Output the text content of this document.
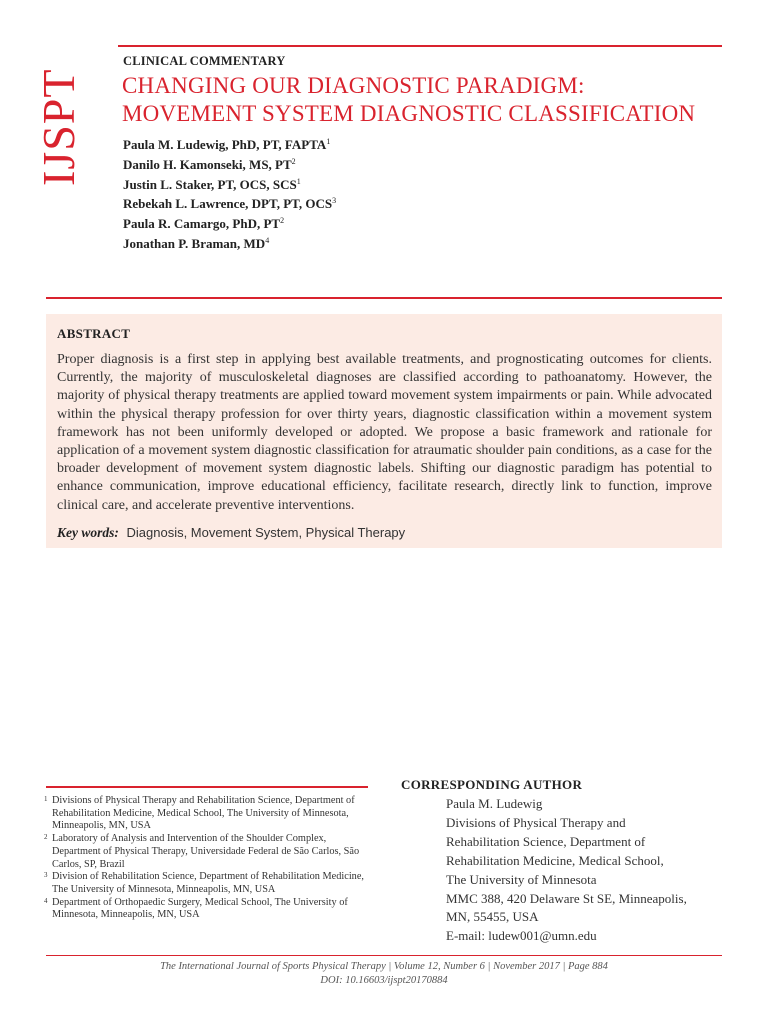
IJSPT
CLINICAL COMMENTARY
CHANGING OUR DIAGNOSTIC PARADIGM:
MOVEMENT SYSTEM DIAGNOSTIC CLASSIFICATION
Paula M. Ludewig, PhD, PT, FAPTA$^1$
Danilo H. Kamonseki, MS, $PT^2$
Justin L. Staker, PT, OCS, SCS$^1$
Rebekah L. Lawrence, DPT, PT, OCS$^3$
Paula R. Camargo, PhD, $PT^2$
Jonathan P. Braman, $MD^4$
ABSTRACT

Proper diagnosis is a first step in applying best available treatments, and prognosticating outcomes for clients. Currently, the majority of musculoskeletal diagnoses are classified according to pathoanatomy. However, the majority of physical therapy treatments are applied toward movement system impairments or pain. While advocated within the physical therapy profession for over thirty years, diagnostic classification within a movement system framework has not been uniformly developed or adopted. We propose a basic framework and rationale for application of a movement system diagnostic classification for atraumatic shoulder pain conditions, as a case for the broader development of movement system diagnostic labels. Shifting our diagnostic paradigm has potential to enhance communication, improve educational efficiency, facilitate research, directly link to function, improve clinical care, and accelerate preventive interventions.

Key words: Diagnosis, Movement System, Physical Therapy
1 Divisions of Physical Therapy and Rehabilitation Science, Department of Rehabilitation Medicine, Medical School, The University of Minnesota, Minneapolis, MN, USA
2 Laboratory of Analysis and Intervention of the Shoulder Complex, Department of Physical Therapy, Universidade Federal de São Carlos, São Carlos, SP, Brazil
3 Division of Rehabilitation Science, Department of Rehabilitation Medicine, The University of Minnesota, Minneapolis, MN, USA
4 Department of Orthopaedic Surgery, Medical School, The University of Minnesota, Minneapolis, MN, USA
CORRESPONDING AUTHOR
Paula M. Ludewig
Divisions of Physical Therapy and
Rehabilitation Science, Department of
Rehabilitation Medicine, Medical School,
The University of Minnesota
MMC 388, 420 Delaware St SE, Minneapolis,
MN, 55455, USA
E-mail: ludew001@umn.edu
The International Journal of Sports Physical Therapy | Volume 12, Number 6 | November 2017 | Page 884
DOI: 10.16603/ijspt20170884
